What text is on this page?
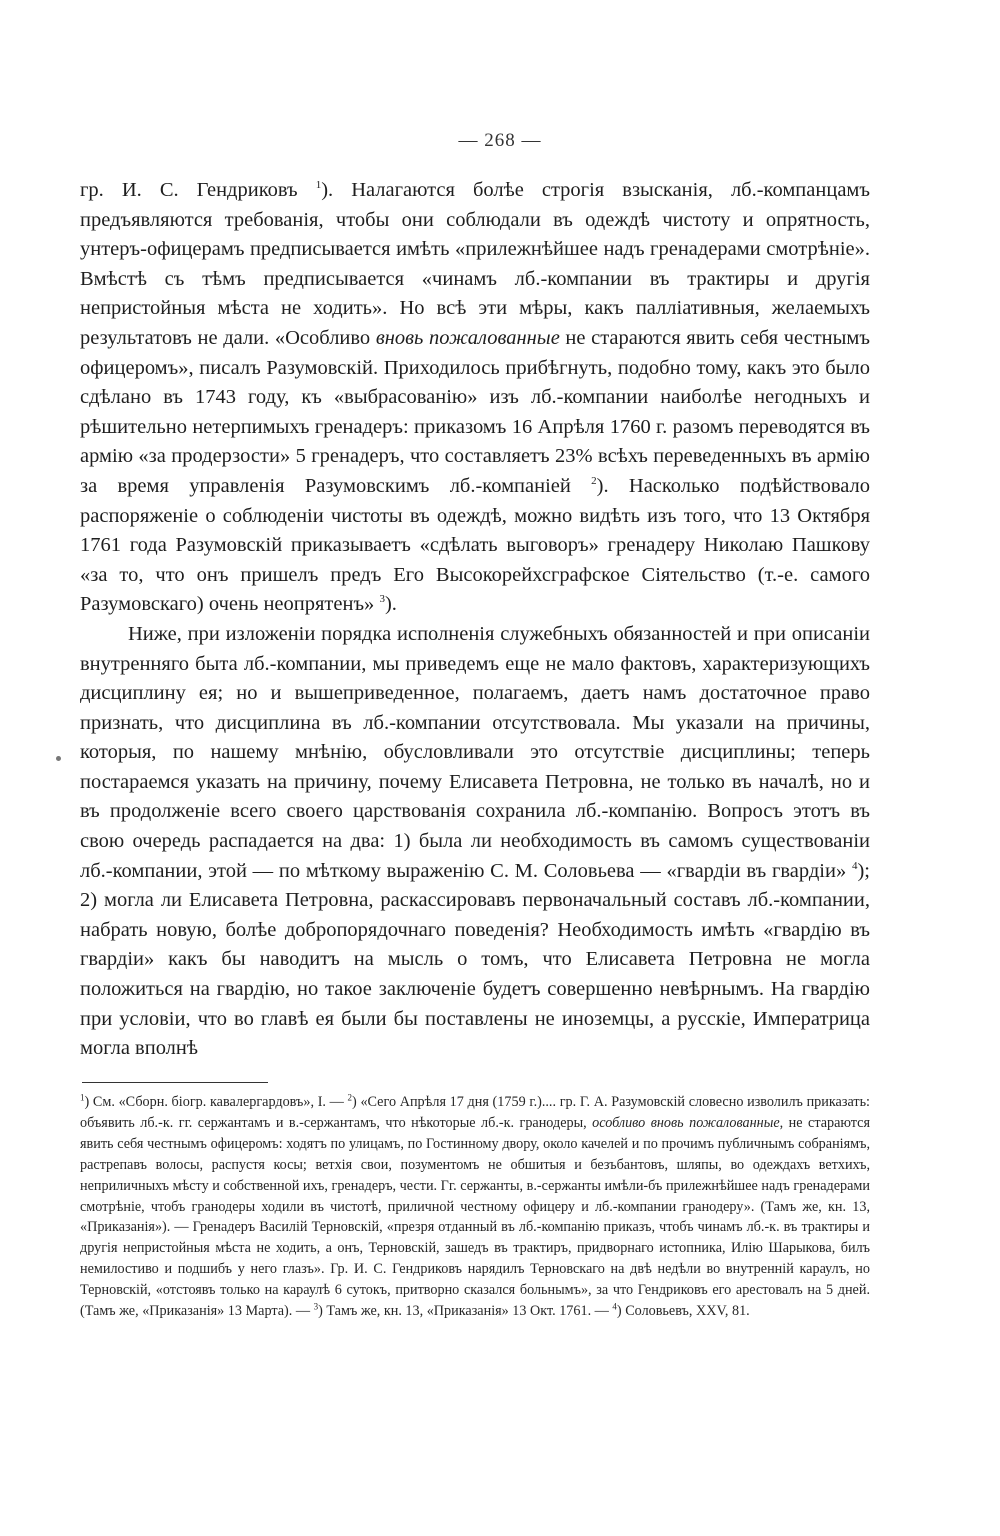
— 268 —

гр. И. С. Гендриковъ $^1$). Налагаются болѣе строгія взысканія, лб.-компанцамъ предъявляются требованія, чтобы они соблюдали въ одеждѣ чистоту и опрятность, унтеръ-офицерамъ предписывается имѣть «прилежнѣйшее надъ гренадерами смотрѣніе». Вмѣстѣ съ тѣмъ предписывается «чинамъ лб.-компании въ трактиры и другія непристойныя мѣста не ходить». Но всѣ эти мѣры, какъ палліативныя, желаемыхъ результатовъ не дали. «Особливо вновь пожалованные не стараются явить себя честнымъ офицеромъ», писалъ Разумовскій. Приходилось прибѣгнуть, подобно тому, какъ это было сдѣлано въ 1743 году, къ «выбрасованію» изъ лб.-компании наиболѣе негодныхъ и рѣшительно нетерпимыхъ гренадеръ: приказомъ 16 Апрѣля 1760 г. разомъ переводятся въ армію «за продерзости» 5 гренадеръ, что составляетъ 23% всѣхъ переведенныхъ въ армію за время управленія Разумовскимъ лб.-компанiей $^2$). Насколько подѣйствовало распоряженіе о соблюденіи чистоты въ одеждѣ, можно видѣть изъ того, что 13 Октября 1761 года Разумовскій приказываетъ «сдѣлать выговоръ» гренадеру Николаю Пашкову «за то, что онъ пришелъ предъ Его Высокорейхсграфское Сіятельство (т.-е. самого Разумовскаго) очень неопрятенъ» $^3$).

Ниже, при изложеніи порядка исполненія служебныхъ обязанностей и при описаніи внутренняго быта лб.-компании, мы приведемъ еще не мало фактовъ, характеризующихъ дисциплину ея; но и вышеприведенное, полагаемъ, даетъ намъ достаточное право признать, что дисциплина въ лб.-компании отсутствовала. Мы указали на причины, которыя, по нашему мнѣнію, обусловливали это отсутствіе дисциплины; теперь постараемся указать на причину, почему Елисавета Петровна, не только въ началѣ, но и въ продолженіе всего своего царствованія сохранила лб.-компанію. Вопросъ этотъ въ свою очередь распадается на два: 1) была ли необходимость въ самомъ существованіи лб.-компании, этой — по мѣткому выраженію С. М. Соловьева — «гвардіи въ гвардіи» $^4$); 2) могла ли Елисавета Петровна, раскассировавъ первоначальный составъ лб.-компании, набрать новую, болѣе добропорядочнаго поведенія? Необходимость имѣть «гвардію въ гвардіи» какъ бы наводитъ на мысль о томъ, что Елисавета Петровна не могла положиться на гвардію, но такое заключеніе будетъ совершенно невѣрнымъ. На гвардію при условіи, что во главѣ ея были бы поставлены не иноземцы, а русскіе, Императрица могла вполнѣ

$^1$) См. «Сборн. біогр. кавалергардовъ», I. — $^2$) «Сего Апрѣля 17 дня (1759 г.).... гр. Г. А. Разумовскій словесно изволилъ приказать: объявить лб.-к. гг. сержантамъ и в.-сержантамъ, что нѣкоторые лб.-к. гранодеры, особливо вновь пожалованные, не стараются явить себя честнымъ офицеромъ: ходятъ по улицамъ, по Гостинному двору, около качелей и по прочимъ публичнымъ собраніямъ, растрепавъ волосы, распустя косы; ветхія свои, позументомъ не обшитыя и безъбантовъ, шляпы, во одеждахъ ветхихъ, неприличныхъ мѣсту и собственной ихъ, гренадеръ, чести. Гг. сержанты, в.-сержанты имѣли-бъ прилежнѣйшее надъ гренадерами смотрѣніе, чтобъ гранодеры ходили въ чистотѣ, приличной честному офицеру и лб.-компании гранодеру». (Тамъ же, кн. 13, «Приказанія»). — Гренадеръ Василій Терновскій, «презря отданный въ лб.-компанію приказъ, чтобъ чинамъ лб.-к. въ трактиры и другія непристойныя мѣста не ходить, а онъ, Терновскій, зашедъ въ трактиръ, придворнаго истопника, Илію Шарыкова, билъ немилостиво и подшибъ у него глазъ». Гр. И. С. Гендриковъ нарядилъ Терновскаго на двѣ недѣли во внутренній караулъ, но Терновскій, «отстоявъ только на караулѣ 6 сутокъ, притворно сказался больнымъ», за что Гендриковъ его арестовалъ на 5 дней. (Тамъ же, «Приказанія» 13 Марта). — $^3$) Тамъ же, кн. 13, «Приказанія» 13 Окт. 1761. — $^4$) Соловьевъ, XXV, 81.
